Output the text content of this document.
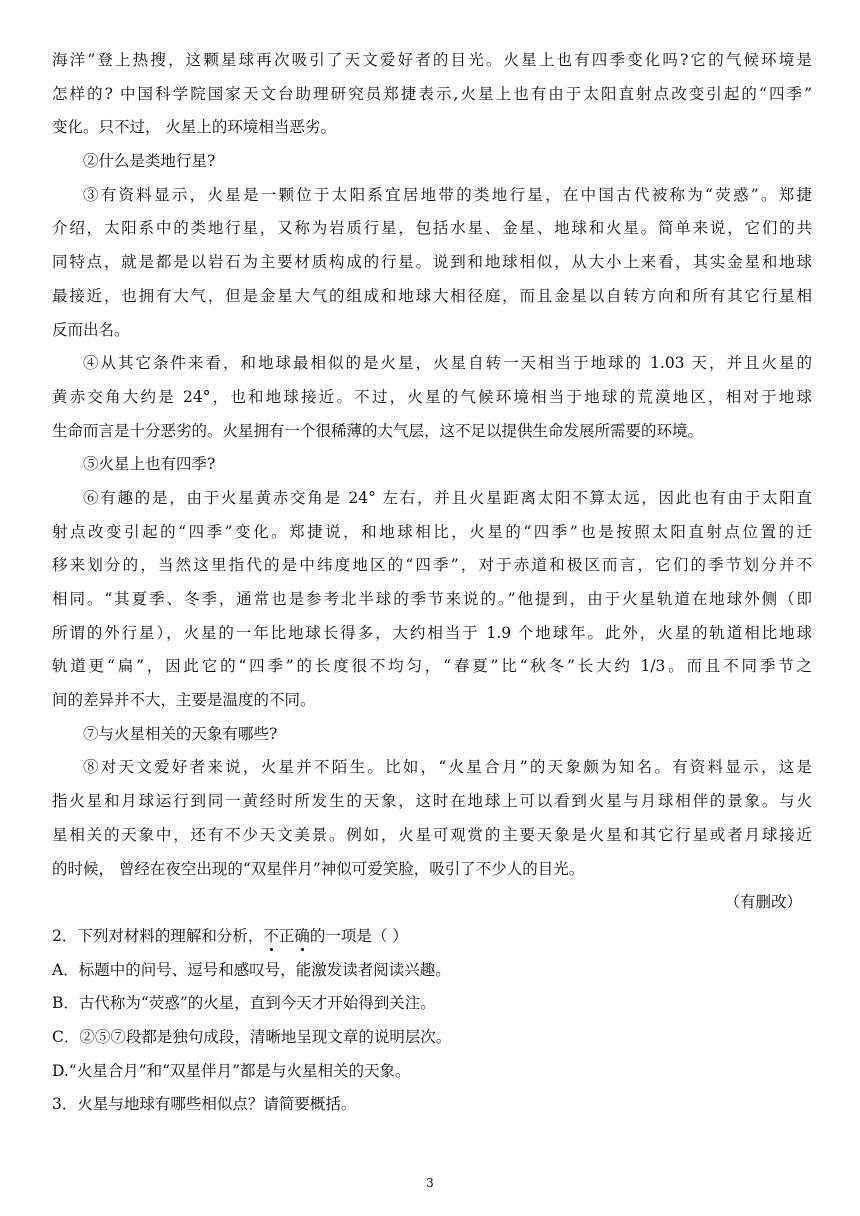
海洋”登上热搜，这颗星球再次吸引了天文爱好者的目光。火星上也有四季变化吗?它的气候环境是
怎样的? 中国科学院国家天文台助理研究员郑捷表示,火星上也有由于太阳直射点改变引起的“四季”
变化。只不过， 火星上的环境相当恶劣。
②什么是类地行星?
③有资料显示，火星是一颗位于太阳系宜居地带的类地行星，在中国古代被称为“荧惑”。郑捷
介绍，太阳系中的类地行星，又称为岩质行星，包括水星、金星、地球和火星。简单来说，它们的共
同特点，就是都是以岩石为主要材质构成的行星。说到和地球相似，从大小上来看，其实金星和地球
最接近，也拥有大气，但是金星大气的组成和地球大相径庭，而且金星以自转方向和所有其它行星相
反而出名。
④从其它条件来看，和地球最相似的是火星，火星自转一天相当于地球的 1.03 天，并且火星的
黄赤交角大约是 24°，也和地球接近。不过，火星的气候环境相当于地球的荒漠地区，相对于地球
生命而言是十分恶劣的。火星拥有一个很稀薄的大气层，这不足以提供生命发展所需要的环境。
⑤火星上也有四季?
⑥有趣的是，由于火星黄赤交角是 24° 左右，并且火星距离太阳不算太远，因此也有由于太阳直
射点改变引起的“四季”变化。郑捷说，和地球相比，火星的“四季”也是按照太阳直射点位置的迁
移来划分的，当然这里指代的是中纬度地区的“四季”，对于赤道和极区而言，它们的季节划分并不
相同。“其夏季、冬季，通常也是参考北半球的季节来说的。”他提到，由于火星轨道在地球外侧（即
所谓的外行星），火星的一年比地球长得多，大约相当于 1.9 个地球年。此外，火星的轨道相比地球
轨道更“扁”，因此它的“四季”的长度很不均匀，“春夏”比“秋冬”长大约 1/3。而且不同季节之
间的差异并不大，主要是温度的不同。
⑦与火星相关的天象有哪些?
⑧对天文爱好者来说，火星并不陌生。比如，“火星合月”的天象颇为知名。有资料显示，这是
指火星和月球运行到同一黄经时所发生的天象，这时在地球上可以看到火星与月球相伴的景象。与火
星相关的天象中，还有不少天文美景。例如，火星可观赏的主要天象是火星和其它行星或者月球接近
的时候， 曾经在夜空出现的“双星伴月”神似可爱笑脸，吸引了不少人的目光。
（有删改）
2．下列对材料的理解和分析，不正确的一项是（ ）
A．标题中的问号、逗号和感叹号，能激发读者阅读兴趣。
B．古代称为“荧惑”的火星，直到今天才开始得到关注。
C．②⑤⑦段都是独句成段，清晰地呈现文章的说明层次。
D.“火星合月”和“双星伴月”都是与火星相关的天象。
3．火星与地球有哪些相似点？请简要概括。
3
